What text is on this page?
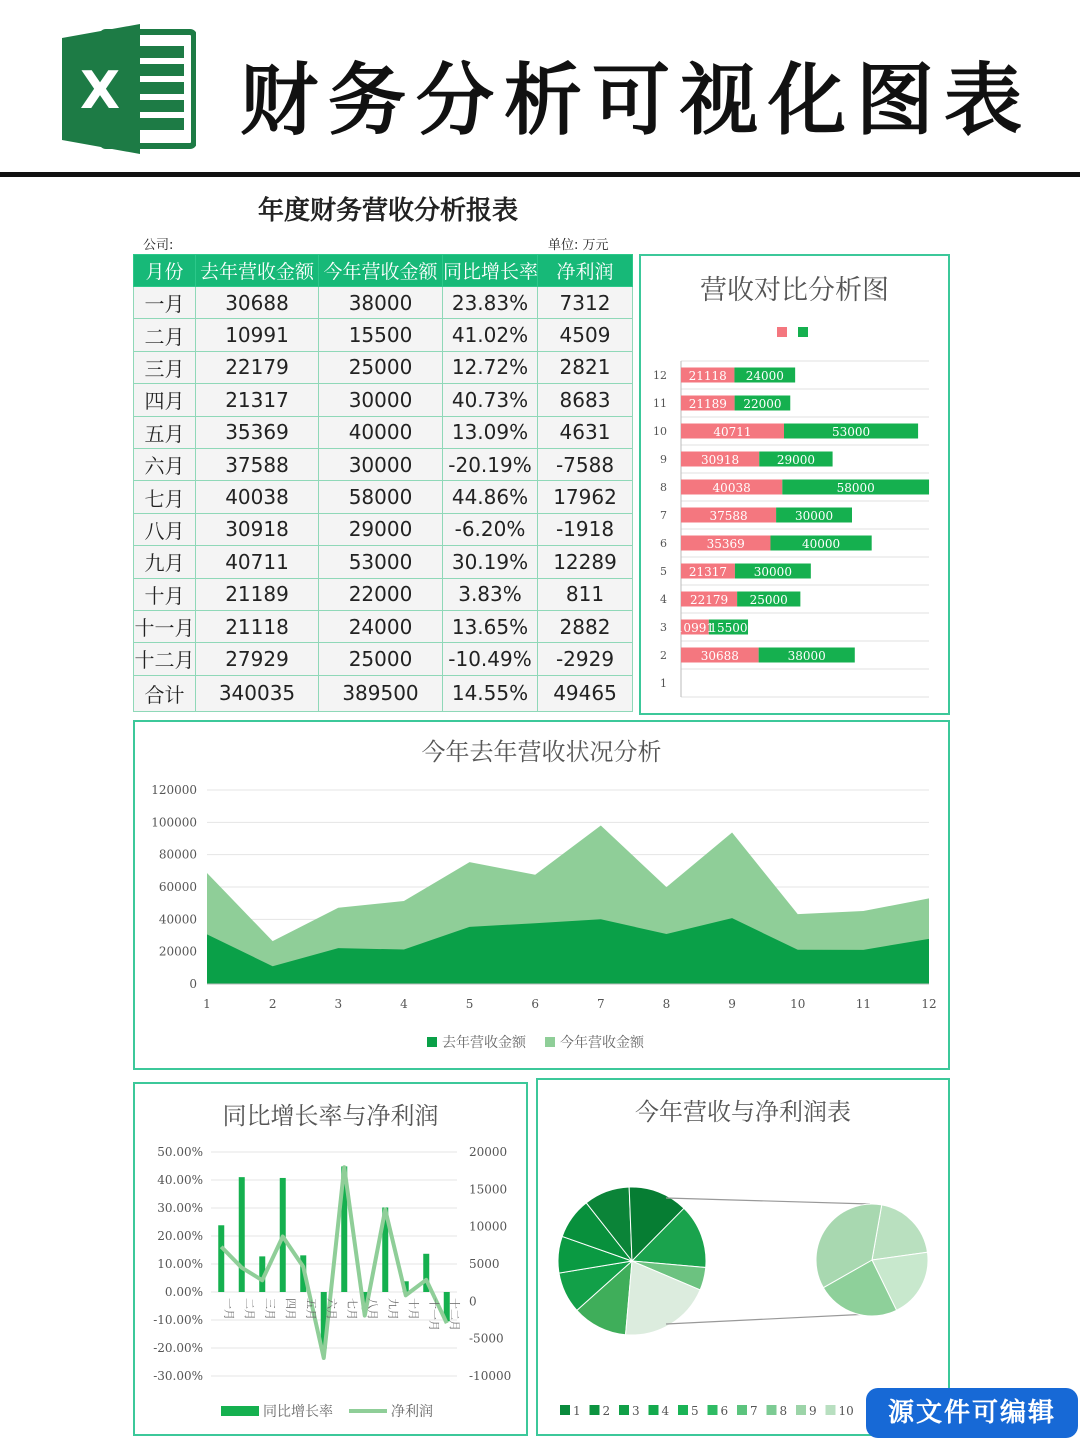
X 财务分析可视化图表
年度财务营收分析报表
公司:	单位: 万元
月份	去年营收金额	今年营收金额	同比增长率	净利润
一月	30688	38000	23.83%	7312
二月	10991	15500	41.02%	4509
三月	22179	25000	12.72%	2821
四月	21317	30000	40.73%	8683
五月	35369	40000	13.09%	4631
六月	37588	30000	-20.19%	-7588
七月	40038	58000	44.86%	17962
八月	30918	29000	-6.20%	-1918
九月	40711	53000	30.19%	12289
十月	21189	22000	3.83%	811
十一月	21118	24000	13.65%	2882
十二月	27929	25000	-10.49%	-2929
合计	340035	389500	14.55%	49465
营收对比分析图
1
2	30688	38000
3 10991
15500
4 22179 25000
5 21317 30000
6	35369	40000
7	37588	30000
8	40038	58000
9	30918	29000
10	40711	53000
11 21189 22000
12 21118 24000
今年去年营收状况分析
0
20000
40000
60000
80000
100000
120000
1	2	3	4	5	6	7	8	9	10	11	12
去年营收金额 今年营收金额
同比增长率与净利润
-30.00%
-20.00%
-10.00%
0.00%
10.00%
20.00%
30.00%
40.00%
50.00%
-10000
-5000
0
5000
10000
15000
20000
一月 二月 三月 四月 五月 六月 七月 八月 九月 十月 十一月 十二月
同比增长率	净利润
今年营收与净利润表
1 2 3 4 5 6 7 8 9 10	源文件可编辑
